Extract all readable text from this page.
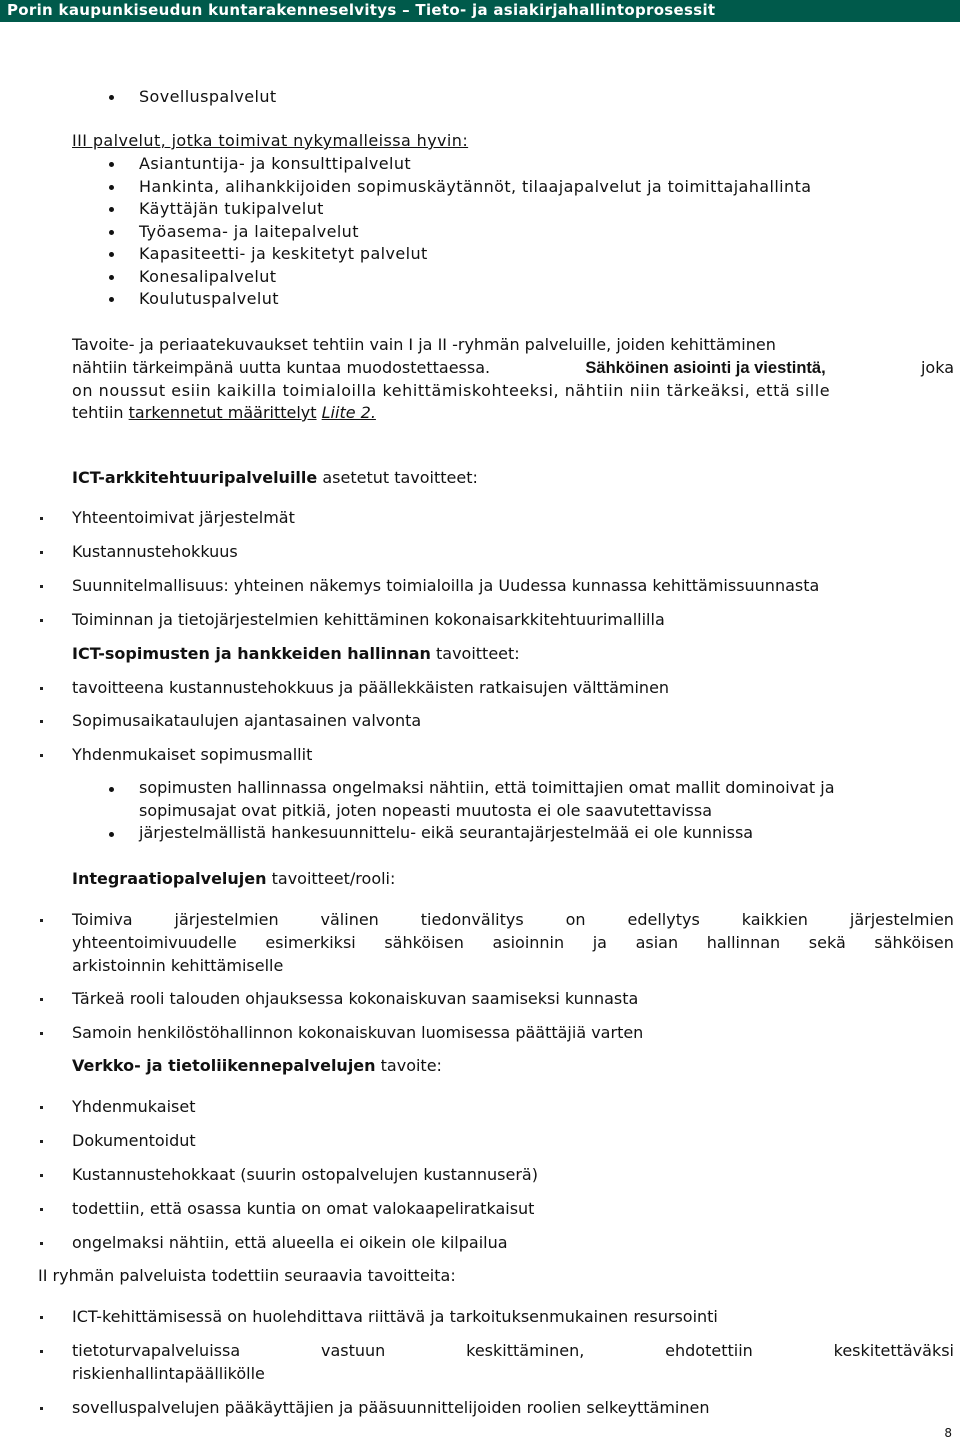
Porin kaupunkiseudun kuntarakenneselvitys – Tieto- ja asiakirjahallintoprosessit
Sovelluspalvelut
III palvelut, jotka toimivat nykymalleissa hyvin:
Asiantuntija- ja konsulttipalvelut
Hankinta, alihankkijoiden sopimuskäytännöt, tilaajapalvelut ja toimittajahallinta
Käyttäjän tukipalvelut
Työasema- ja laitepalvelut
Kapasiteetti- ja keskitetyt palvelut
Konesalipalvelut
Koulutuspalvelut
Tavoite- ja periaatekuvaukset tehtiin vain I ja II -ryhmän palveluille, joiden kehittäminen
nähtiin tärkeimpänä uutta kuntaa muodostettaessa.	Sähköinen asiointi ja viestintä,	joka
on noussut esiin kaikilla toimialoilla kehittämiskohteeksi, nähtiin niin tärkeäksi, että sille
tehtiin tarkennetut määrittelyt Liite 2.
ICT-arkkitehtuuripalveluille asetetut tavoitteet:
Yhteentoimivat järjestelmät
Kustannustehokkuus
Suunnitelmallisuus: yhteinen näkemys toimialoilla ja Uudessa kunnassa kehittämissuunnasta
Toiminnan ja tietojärjestelmien kehittäminen kokonaisarkkitehtuurimallilla
ICT-sopimusten ja hankkeiden hallinnan tavoitteet:
tavoitteena kustannustehokkuus ja päällekkäisten ratkaisujen välttäminen
Sopimusaikataulujen ajantasainen valvonta
Yhdenmukaiset sopimusmallit
sopimusten hallinnassa ongelmaksi nähtiin, että toimittajien omat mallit dominoivat ja
sopimusajat ovat pitkiä, joten nopeasti muutosta ei ole saavutettavissa
järjestelmällistä hankesuunnittelu- eikä seurantajärjestelmää ei ole kunnissa
Integraatiopalvelujen tavoitteet/rooli:
Toimiva	järjestelmien	välinen	tiedonvälitys	on	edellytys	kaikkien	järjestelmien
yhteentoimivuudelle esimerkiksi sähköisen asioinnin ja asian hallinnan sekä sähköisen
arkistoinnin kehittämiselle
Tärkeä rooli talouden ohjauksessa kokonaiskuvan saamiseksi kunnasta
Samoin henkilöstöhallinnon kokonaiskuvan luomisessa päättäjiä varten
Verkko- ja tietoliikennepalvelujen tavoite:
Yhdenmukaiset
Dokumentoidut
Kustannustehokkaat (suurin ostopalvelujen kustannuserä)
todettiin, että osassa kuntia on omat valokaapeliratkaisut
ongelmaksi nähtiin, että alueella ei oikein ole kilpailua
II ryhmän palveluista todettiin seuraavia tavoitteita:
ICT-kehittämisessä on huolehdittava riittävä ja tarkoituksenmukainen resursointi
tietoturvapalveluissa	vastuun	keskittäminen,	ehdotettiin	keskitettäväksi
riskienhallintapäällikölle
sovelluspalvelujen pääkäyttäjien ja pääsuunnittelijoiden roolien selkeyttäminen
8
